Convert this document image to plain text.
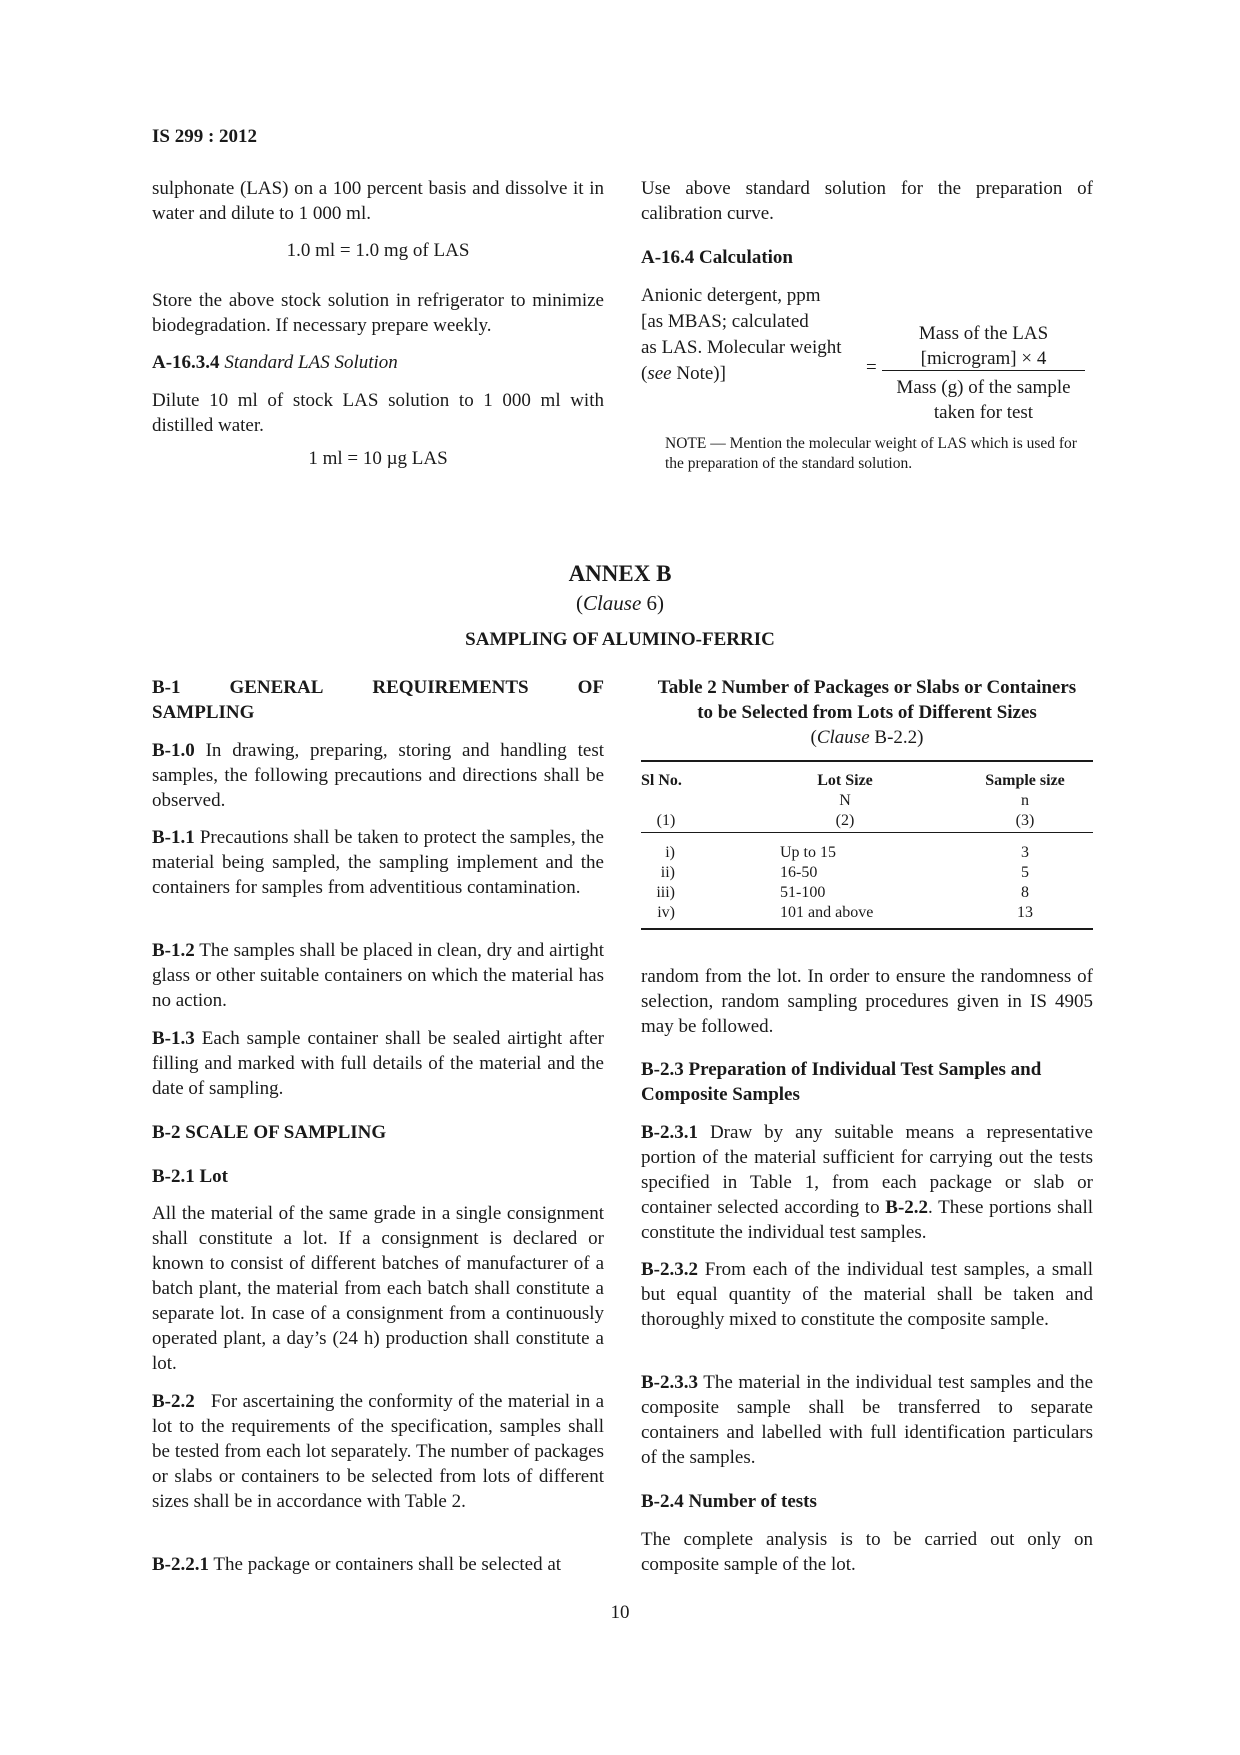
IS 299 : 2012

sulphonate (LAS) on a 100 percent basis and dissolve it in water and dilute to 1 000 ml.

1.0 ml = 1.0 mg of LAS

Store the above stock solution in refrigerator to minimize biodegradation. If necessary prepare weekly.

A-16.3.4 Standard LAS Solution

Dilute 10 ml of stock LAS solution to 1 000 ml with distilled water.

1 ml = 10 µg LAS

Use above standard solution for the preparation of calibration curve.

A-16.4 Calculation
Anionic detergent, ppm
[as MBAS; calculated
as LAS. Molecular weight
(see Note)]	=
Mass of the LAS
[microgram] × 4
Mass (g) of the sample
taken for test

NOTE — Mention the molecular weight of LAS which is used for the preparation of the standard solution.

ANNEX B
(Clause 6)
SAMPLING OF ALUMINO-FERRIC
B-1	GENERAL	REQUIREMENTS	OF
SAMPLING

B-1.0 In drawing, preparing, storing and handling test samples, the following precautions and directions shall be observed.

B-1.1 Precautions shall be taken to protect the samples, the material being sampled, the sampling implement and the containers for samples from adventitious contamination.

B-1.2 The samples shall be placed in clean, dry and airtight glass or other suitable containers on which the material has no action.

B-1.3 Each sample container shall be sealed airtight after filling and marked with full details of the material and the date of sampling.

B-2 SCALE OF SAMPLING
B-2.1 Lot

All the material of the same grade in a single consignment shall constitute a lot. If a consignment is declared or known to consist of different batches of manufacturer of a batch plant, the material from each batch shall constitute a separate lot. In case of a consignment from a continuously operated plant, a day’s (24 h) production shall constitute a lot.

B-2.2   For ascertaining the conformity of the material in a lot to the requirements of the specification, samples shall be tested from each lot separately. The number of packages or slabs or containers to be selected from lots of different sizes shall be in accordance with Table 2.

B-2.2.1 The package or containers shall be selected at

Table 2 Number of Packages or Slabs or Containers
to be Selected from Lots of Different Sizes
(Clause B-2.2)
Sl No.	Lot Size	Sample size
N	n
(1)	(2)	(3)
i)	Up to 15	3
ii)	16-50	5
iii)	51-100	8
iv)	101 and above	13

random from the lot. In order to ensure the randomness of selection, random sampling procedures given in IS 4905 may be followed.

B-2.3 Preparation of Individual Test Samples and Composite Samples

B-2.3.1 Draw by any suitable means a representative portion of the material sufficient for carrying out the tests specified in Table 1, from each package or slab or container selected according to B-2.2. These portions shall constitute the individual test samples.

B-2.3.2 From each of the individual test samples, a small but equal quantity of the material shall be taken and thoroughly mixed to constitute the composite sample.

B-2.3.3 The material in the individual test samples and the composite sample shall be transferred to separate containers and labelled with full identification particulars of the samples.

B-2.4 Number of tests

The complete analysis is to be carried out only on composite sample of the lot.

10
